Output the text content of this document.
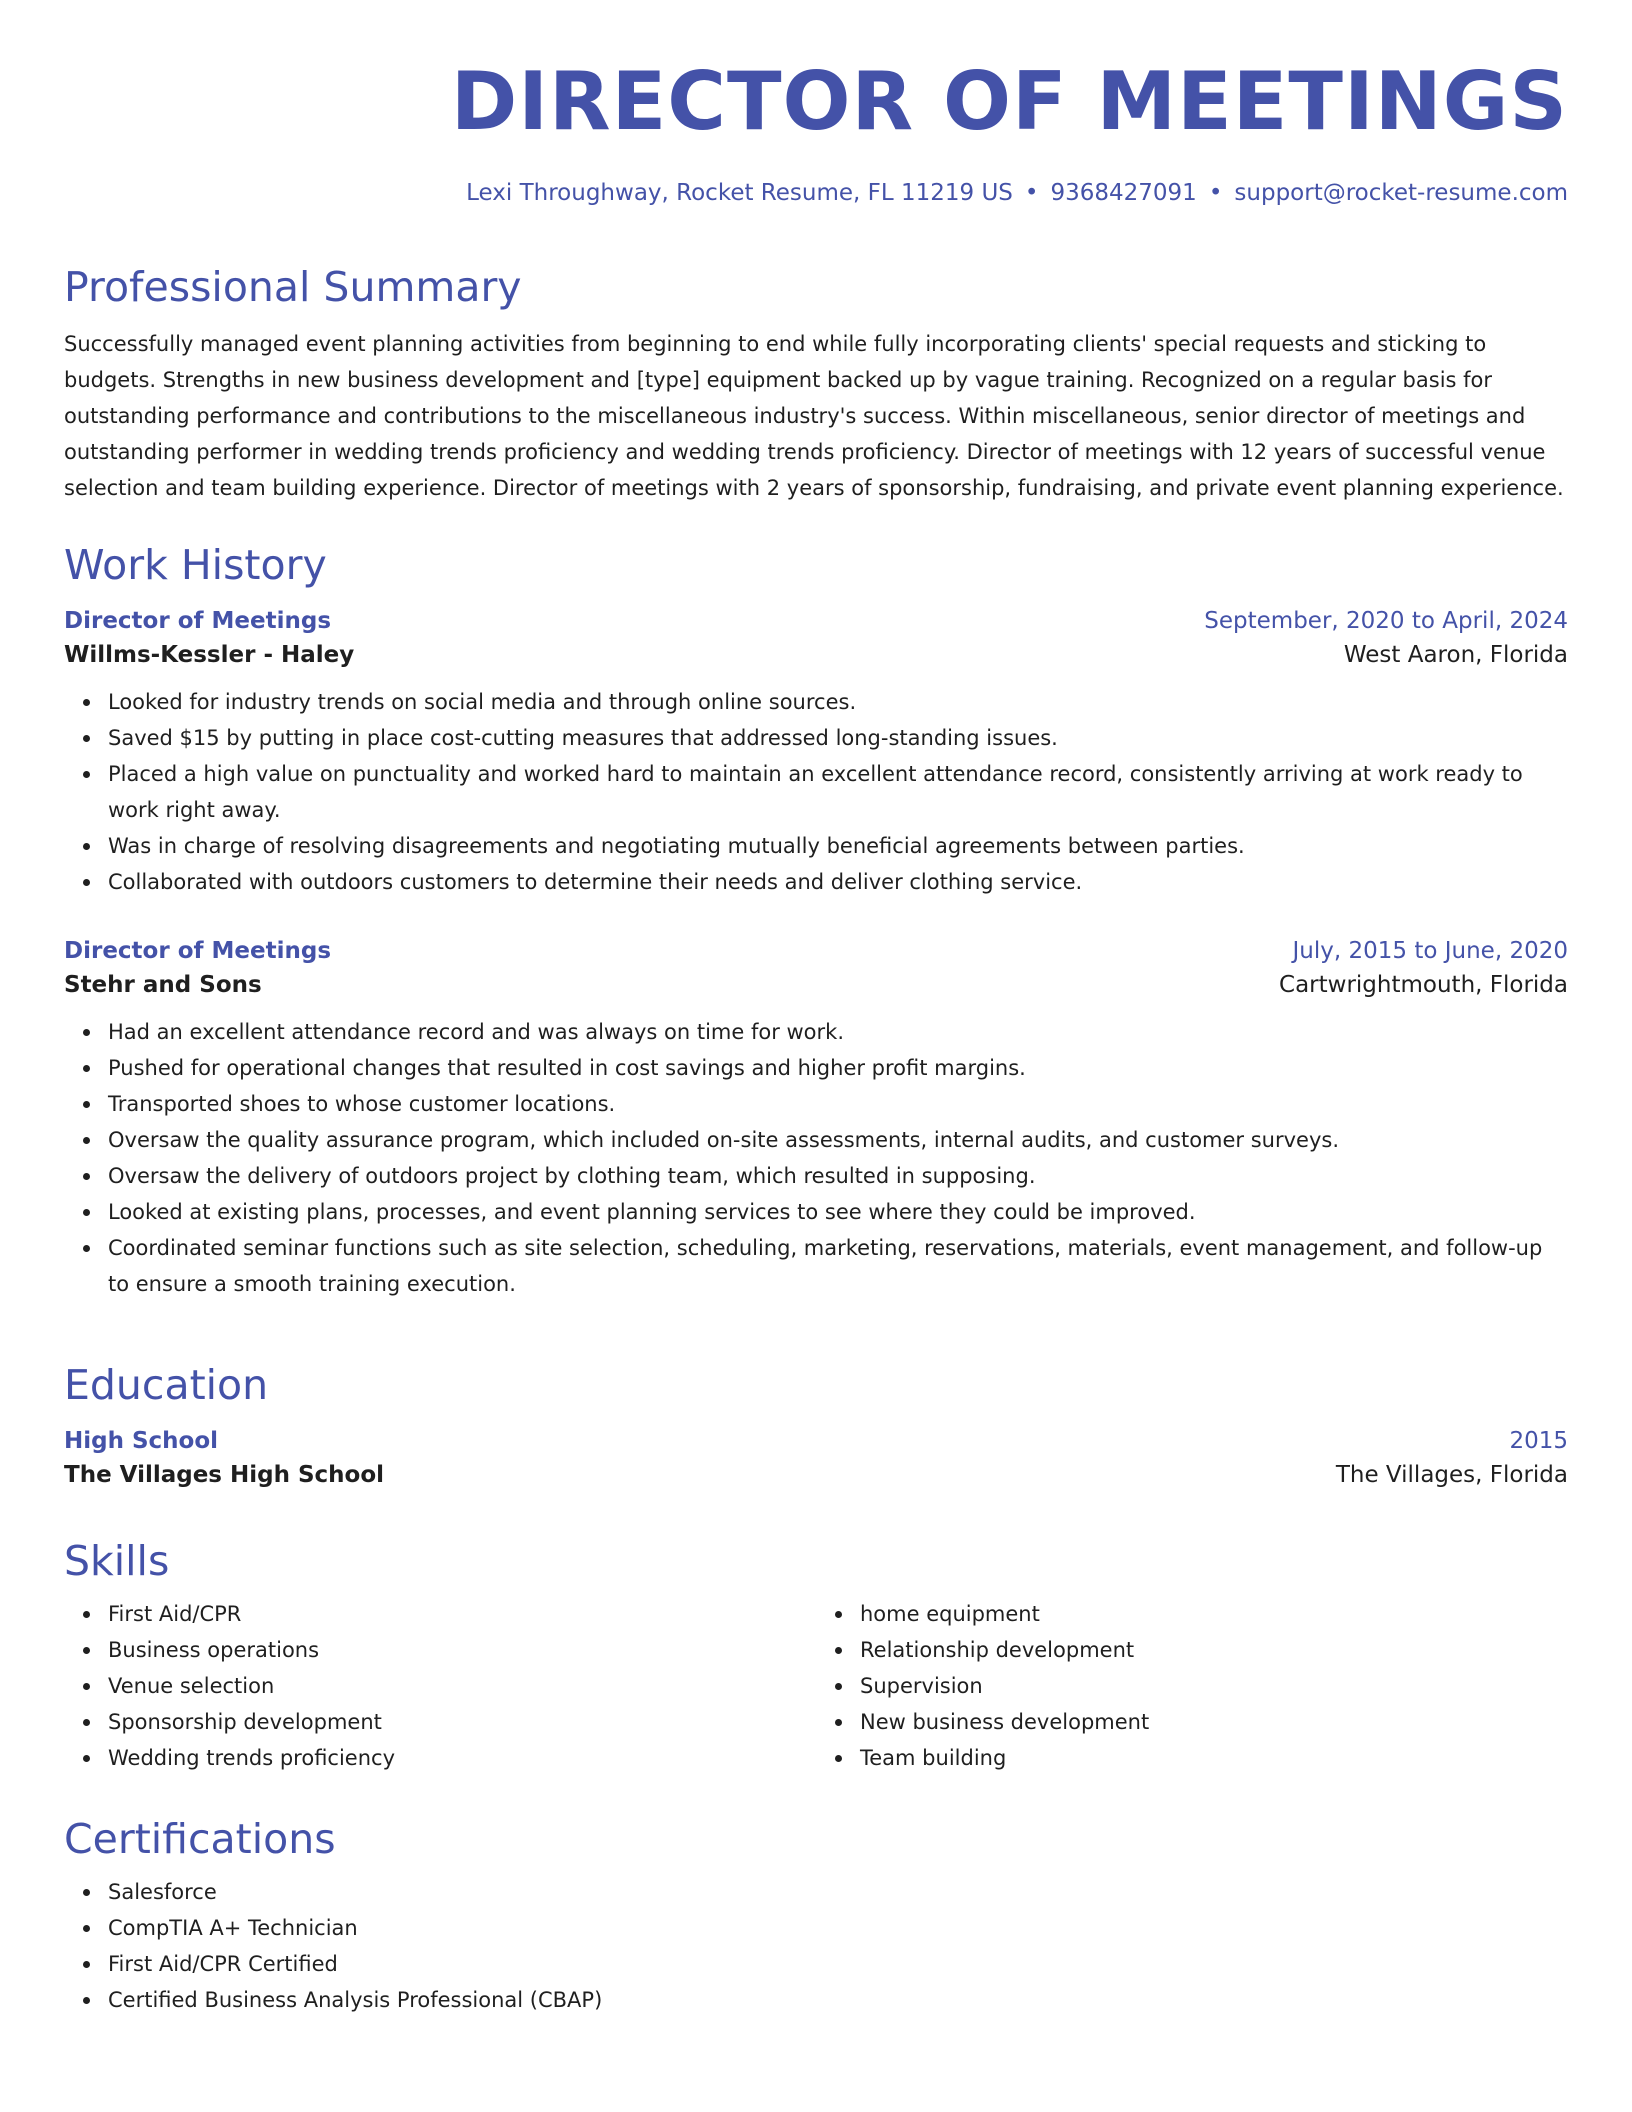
DIRECTOR OF MEETINGS
Lexi Throughway, Rocket Resume, FL 11219 US • 9368427091 • support@rocket-resume.com
Professional Summary

Successfully managed event planning activities from beginning to end while fully incorporating clients' special requests and sticking to budgets. Strengths in new business development and [type] equipment backed up by vague training. Recognized on a regular basis for outstanding performance and contributions to the miscellaneous industry's success. Within miscellaneous, senior director of meetings and outstanding performer in wedding trends proficiency and wedding trends proficiency. Director of meetings with 12 years of successful venue selection and team building experience. Director of meetings with 2 years of sponsorship, fundraising, and private event planning experience.

Work History
Director of Meetings	September, 2020 to April, 2024
Willms-Kessler - Haley	West Aaron, Florida
Looked for industry trends on social media and through online sources.
Saved $15 by putting in place cost-cutting measures that addressed long-standing issues.
Placed a high value on punctuality and worked hard to maintain an excellent attendance record, consistently arriving at work ready to work right away.
Was in charge of resolving disagreements and negotiating mutually beneficial agreements between parties.
Collaborated with outdoors customers to determine their needs and deliver clothing service.
Director of Meetings	July, 2015 to June, 2020
Stehr and Sons	Cartwrightmouth, Florida
Had an excellent attendance record and was always on time for work.
Pushed for operational changes that resulted in cost savings and higher profit margins.
Transported shoes to whose customer locations.
Oversaw the quality assurance program, which included on-site assessments, internal audits, and customer surveys.
Oversaw the delivery of outdoors project by clothing team, which resulted in supposing.
Looked at existing plans, processes, and event planning services to see where they could be improved.
Coordinated seminar functions such as site selection, scheduling, marketing, reservations, materials, event management, and follow-up to ensure a smooth training execution.
Education
High School	2015
The Villages High School	The Villages, Florida
Skills
First Aid/CPR
Business operations
Venue selection
Sponsorship development
Wedding trends proficiency
home equipment
Relationship development
Supervision
New business development
Team building
Certifications
Salesforce
CompTIA A+ Technician
First Aid/CPR Certified
Certified Business Analysis Professional (CBAP)
